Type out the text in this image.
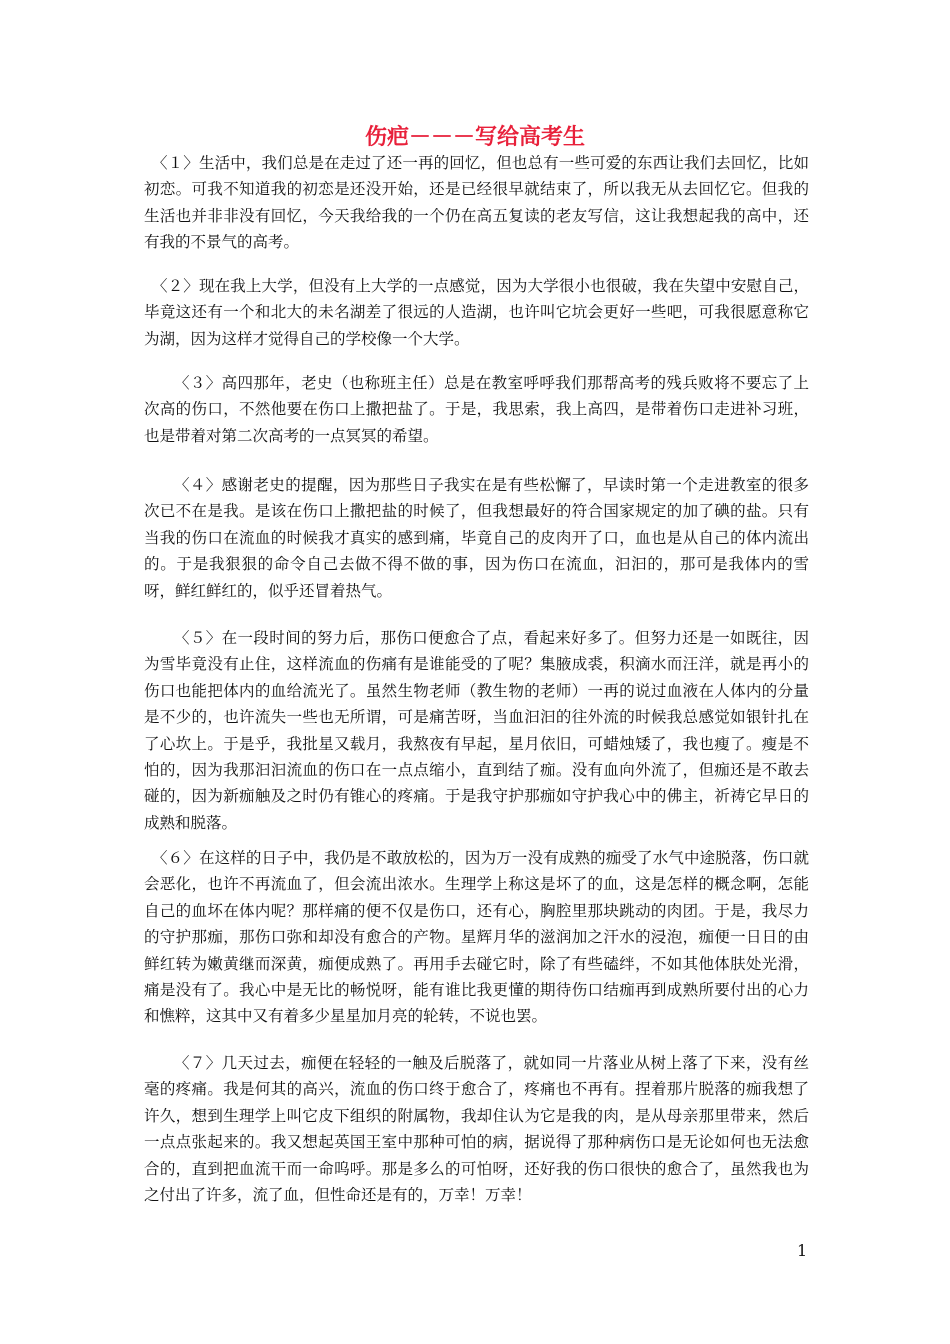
伤疤－－－写给高考生

〈１〉生活中，我们总是在走过了还一再的回忆，但也总有一些可爱的东西让我们去回忆，比如初恋。可我不知道我的初恋是还没开始，还是已经很早就结束了，所以我无从去回忆它。但我的生活也并非非没有回忆，今天我给我的一个仍在高五复读的老友写信，这让我想起我的高中，还有我的不景气的高考。

〈２〉现在我上大学，但没有上大学的一点感觉，因为大学很小也很破，我在失望中安慰自己，毕竟这还有一个和北大的未名湖差了很远的人造湖，也许叫它坑会更好一些吧，可我很愿意称它为湖，因为这样才觉得自己的学校像一个大学。

〈３〉高四那年，老史（也称班主任）总是在教室呼呼我们那帮高考的残兵败将不要忘了上次高的伤口，不然他要在伤口上撒把盐了。于是，我思索，我上高四，是带着伤口走进补习班，也是带着对第二次高考的一点冥冥的希望。

〈４〉感谢老史的提醒，因为那些日子我实在是有些松懈了，早读时第一个走进教室的很多次已不在是我。是该在伤口上撒把盐的时候了，但我想最好的符合国家规定的加了碘的盐。只有当我的伤口在流血的时候我才真实的感到痛，毕竟自己的皮肉开了口，血也是从自己的体内流出的。于是我狠狠的命令自己去做不得不做的事，因为伤口在流血，汩汩的，那可是我体内的雪呀，鲜红鲜红的，似乎还冒着热气。

〈５〉在一段时间的努力后，那伤口便愈合了点，看起来好多了。但努力还是一如既往，因为雪毕竟没有止住，这样流血的伤痛有是谁能受的了呢？集腋成裘，积滴水而汪洋，就是再小的伤口也能把体内的血给流光了。虽然生物老师（教生物的老师）一再的说过血液在人体内的分量是不少的，也许流失一些也无所谓，可是痛苦呀，当血汩汩的往外流的时候我总感觉如银针扎在了心坎上。于是乎，我批星又载月，我熬夜有早起，星月依旧，可蜡烛矮了，我也瘦了。瘦是不怕的，因为我那汩汩流血的伤口在一点点缩小，直到结了痂。没有血向外流了，但痂还是不敢去碰的，因为新痂触及之时仍有锥心的疼痛。于是我守护那痂如守护我心中的佛主，祈祷它早日的成熟和脱落。

〈６〉在这样的日子中，我仍是不敢放松的，因为万一没有成熟的痂受了水气中途脱落，伤口就会恶化，也许不再流血了，但会流出浓水。生理学上称这是坏了的血，这是怎样的概念啊，怎能自己的血坏在体内呢？那样痛的便不仅是伤口，还有心，胸腔里那块跳动的肉团。于是，我尽力的守护那痂，那伤口弥和却没有愈合的产物。星辉月华的滋润加之汗水的浸泡，痂便一日日的由鲜红转为嫩黄继而深黄，痂便成熟了。再用手去碰它时，除了有些磕绊，不如其他体肤处光滑，痛是没有了。我心中是无比的畅悦呀，能有谁比我更懂的期待伤口结痂再到成熟所要付出的心力和憔粹，这其中又有着多少星星加月亮的轮转，不说也罢。

〈７〉几天过去，痂便在轻轻的一触及后脱落了，就如同一片落业从树上落了下来，没有丝毫的疼痛。我是何其的高兴，流血的伤口终于愈合了，疼痛也不再有。捏着那片脱落的痂我想了许久，想到生理学上叫它皮下组织的附属物，我却住认为它是我的肉，是从母亲那里带来，然后一点点张起来的。我又想起英国王室中那种可怕的病，据说得了那种病伤口是无论如何也无法愈合的，直到把血流干而一命呜呼。那是多么的可怕呀，还好我的伤口很快的愈合了，虽然我也为之付出了许多，流了血，但性命还是有的，万幸！万幸！

1
